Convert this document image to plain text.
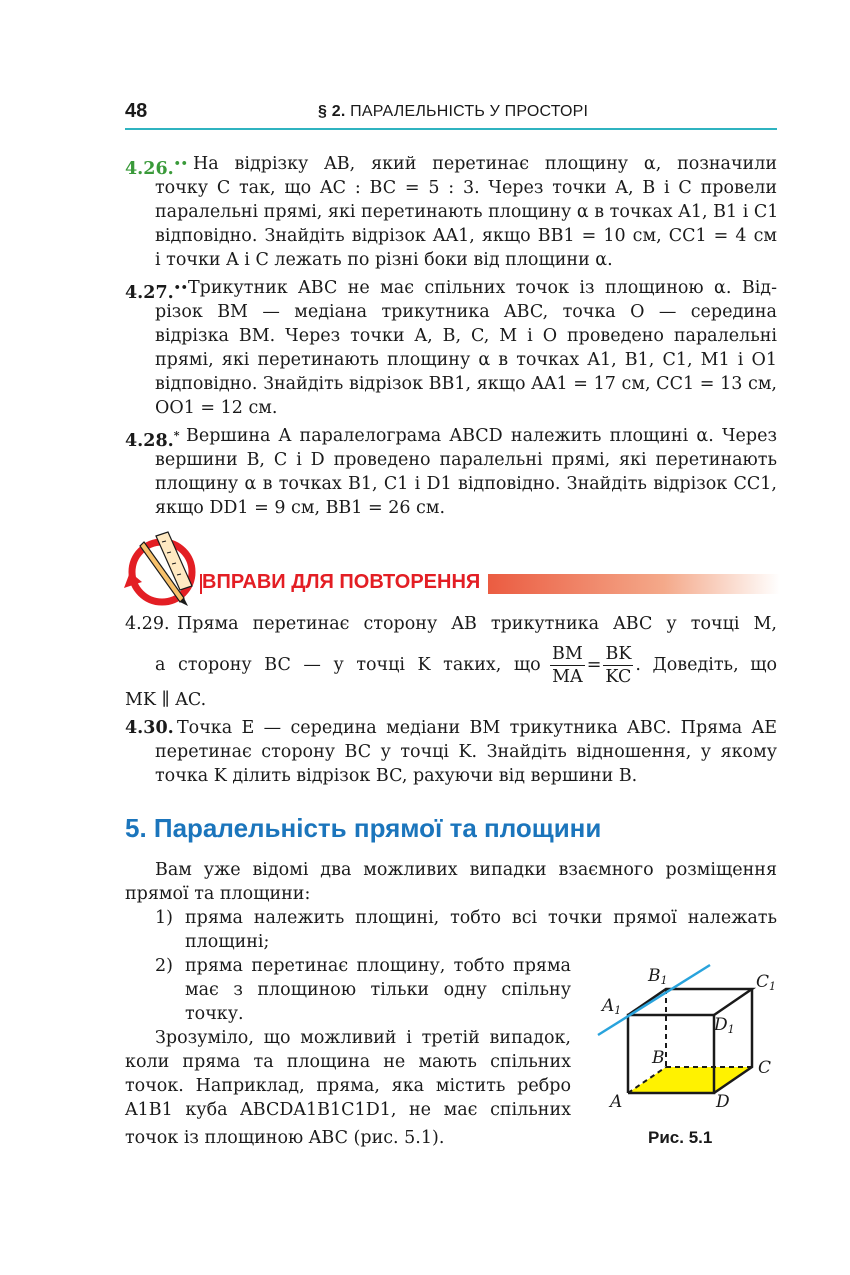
48	§ 2. ПАРАЛЕЛЬНІСТЬ У ПРОСТОРІ
4.26.•• На відрізку AB, який перетинає площину α, позначили
точку C так, що AC : BC = 5 : 3. Через точки A, B і C провели
паралельні прямі, які перетинають площину α в точках A1, B1 і C1
відповідно. Знайдіть відрізок AA1, якщо BB1 = 10 см, CC1 = 4 см
і точки A і C лежать по різні боки від площини α.
4.27.•• Трикутник ABC не має спільних точок із площиною α. Від-
різок BM — медіана трикутника ABC, точка O — середина
відрізка BM. Через точки A, B, C, M і O проведено паралельні
прямі, які перетинають площину α в точках A1, B1, C1, M1 і O1
відповідно. Знайдіть відрізок BB1, якщо AA1 = 17 см, CC1 = 13 см,
OO1 = 12 см.
4.28.* Вершина A паралелограма ABCD належить площині α. Через
вершини B, C і D проведено паралельні прямі, які перетинають
площину α в точках B1, C1 і D1 відповідно. Знайдіть відрізок CC1,
якщо DD1 = 9 см, BB1 = 26 см.
ВПРАВИ ДЛЯ ПОВТОРЕННЯ
4.29. Пряма перетинає сторону AB трикутника ABC у точці M,
а сторону BC — у точці K таких, що $\frac{BM}{MA} = \frac{BK}{KC}$ . Доведіть, що
MK ∥ AC.
4.30. Точка E — середина медіани BM трикутника ABC. Пряма AE
перетинає сторону BC у точці K. Знайдіть відношення, у якому
точка K ділить відрізок BC, рахуючи від вершини B.
5. Паралельність прямої та площини
Вам уже відомі два можливих випадки взаємного розміщення
прямої та площини:
1) пряма належить площині, тобто всі точки прямої належать
площині;
2) пряма перетинає площину, тобто пряма
має з площиною тільки одну спільну
точку.
Зрозуміло, що можливий і третій випадок,
коли пряма та площина не мають спільних
точок. Наприклад, пряма, яка містить ребро
A1B1 куба ABCDA1B1C1D1, не має спільних
точок із площиною ABC (рис. 5.1).
B1	C1
A1
D1
B	C
A	D
Рис. 5.1
